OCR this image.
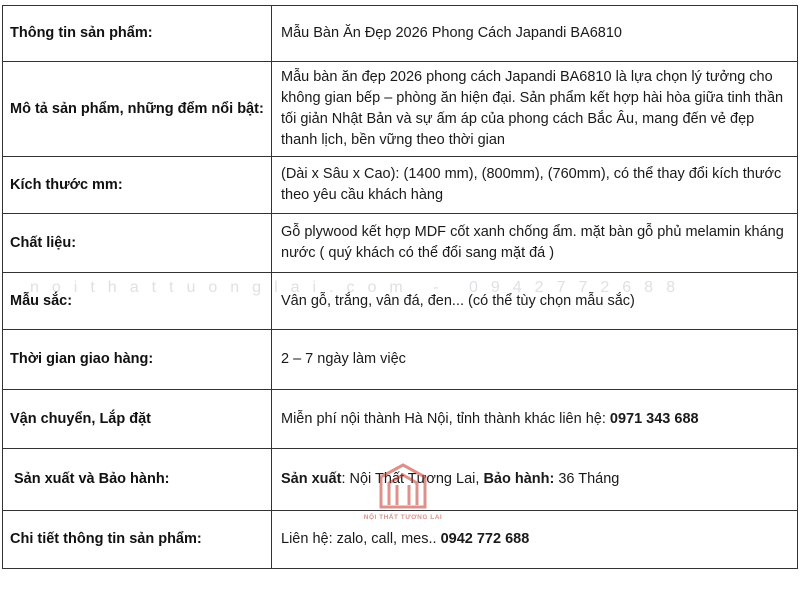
Thông tin sản phẩm:	Mẫu Bàn Ăn Đẹp 2026 Phong Cách Japandi BA6810
Mô tả sản phẩm, những đểm nổi bật:	Mẫu bàn ăn đẹp 2026 phong cách Japandi BA6810 là lựa chọn lý tưởng cho không gian bếp – phòng ăn hiện đại. Sản phẩm kết hợp hài hòa giữa tinh thần tối giản Nhật Bản và sự ấm áp của phong cách Bắc Âu, mang đến vẻ đẹp thanh lịch, bền vững theo thời gian
Kích thước mm:	(Dài x Sâu x Cao): (1400 mm), (800mm), (760mm), có thể thay đổi kích thước theo yêu cầu khách hàng
Chất liệu:	Gỗ plywood kết hợp MDF cốt xanh chống ẩm. mặt bàn gỗ phủ melamin kháng nước ( quý khách có thể đổi sang mặt đá )
Mẫu sắc:	Vân gỗ, trắng, vân đá, đen... (có thể tùy chọn mẫu sắc)
Thời gian giao hàng:	2 – 7 ngày làm việc
Vận chuyển, Lắp đặt	Miễn phí nội thành Hà Nội, tỉnh thành khác liên hệ: 0971 343 688
Sản xuất và Bảo hành:	Sản xuất: Nội Thất Tương Lai, Bảo hành: 36 Tháng
Chi tiết thông tin sản phẩm:	Liên hệ: zalo, call, mes.. 0942 772 688
noithattuonglai.com - 0942772688
NỘI THẤT TƯƠNG LAI
